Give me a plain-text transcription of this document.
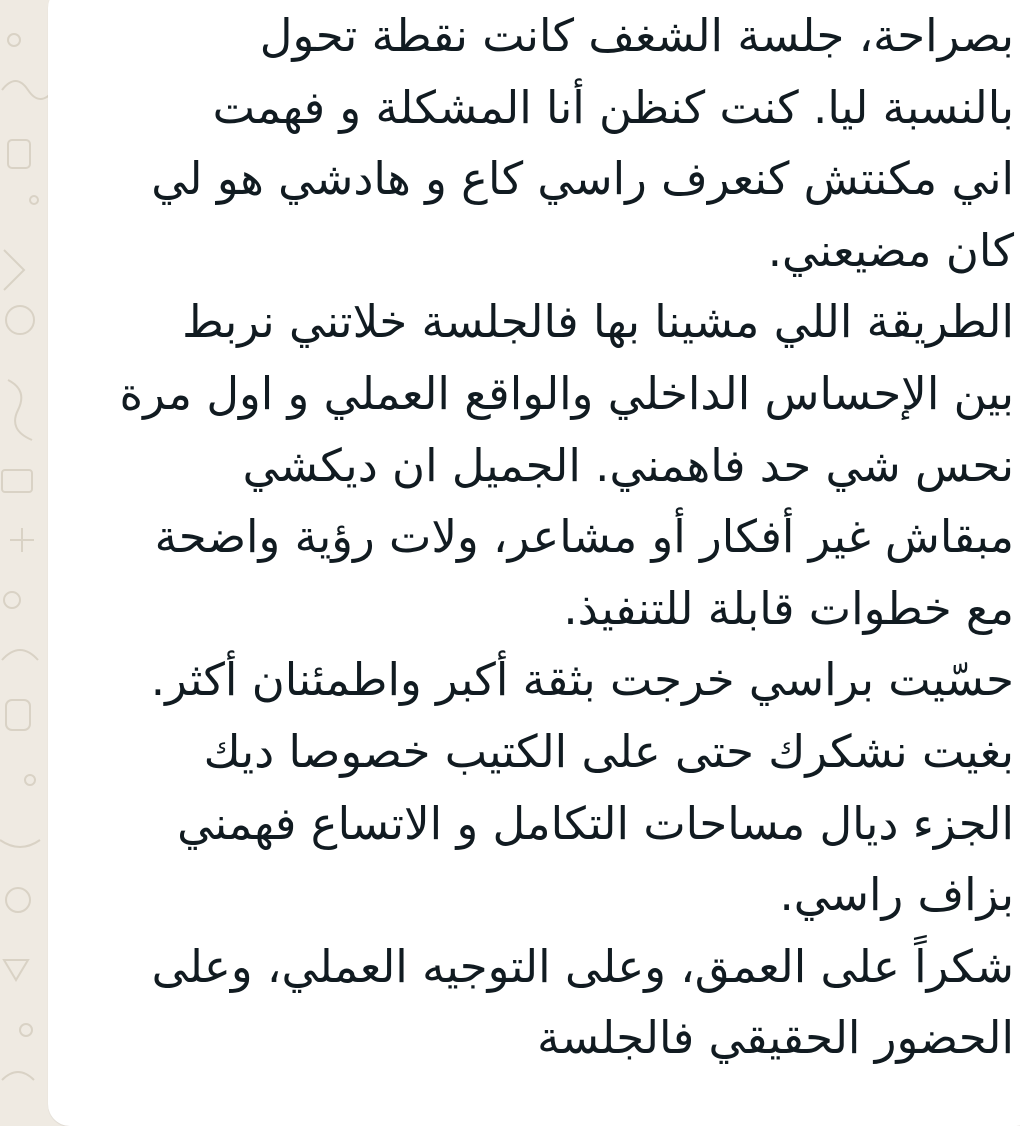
بصراحة، جلسة الشغف كانت نقطة تحول
بالنسبة ليا. كنت كنظن أنا المشكلة و فهمت
اني مكنتش كنعرف راسي كاع و هادشي هو لي
كان مضيعني.
الطريقة اللي مشينا بها فالجلسة خلاتني نربط
بين الإحساس الداخلي والواقع العملي و اول مرة
نحس شي حد فاهمني. الجميل ان ديكشي
مبقاش غير أفكار أو مشاعر، ولات رؤية واضحة
مع خطوات قابلة للتنفيذ.
حسّيت براسي خرجت بثقة أكبر واطمئنان أكثر.
بغيت نشكرك حتى على الكتيب خصوصا ديك
الجزء ديال مساحات التكامل و الاتساع فهمني
بزاف راسي.
شكراً على العمق، وعلى التوجيه العملي، وعلى
الحضور الحقيقي فالجلسة
